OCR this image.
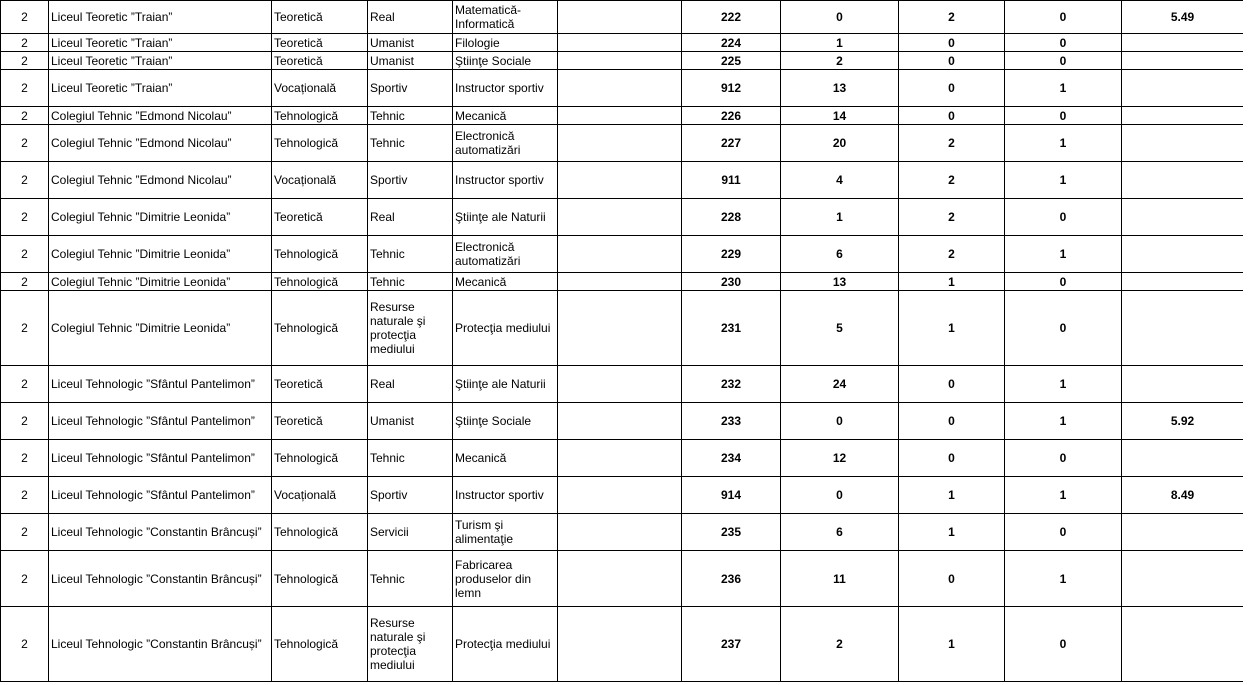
2	Liceul Teoretic ”Traian”	Teoretică	Real	Matematică-Informatică		222	0	2	0	5.49
2	Liceul Teoretic ”Traian”	Teoretică	Umanist	Filologie		224	1	0	0	
2	Liceul Teoretic ”Traian”	Teoretică	Umanist	Ştiinţe Sociale		225	2	0	0	
2	Liceul Teoretic ”Traian”	Vocațională	Sportiv	Instructor sportiv		912	13	0	1	
2	Colegiul Tehnic ”Edmond Nicolau”	Tehnologică	Tehnic	Mecanică		226	14	0	0	
2	Colegiul Tehnic ”Edmond Nicolau”	Tehnologică	Tehnic	Electronică automatizări		227	20	2	1	
2	Colegiul Tehnic ”Edmond Nicolau”	Vocațională	Sportiv	Instructor sportiv		911	4	2	1	
2	Colegiul Tehnic ”Dimitrie Leonida”	Teoretică	Real	Ştiinţe ale Naturii		228	1	2	0	
2	Colegiul Tehnic ”Dimitrie Leonida”	Tehnologică	Tehnic	Electronică automatizări		229	6	2	1	
2	Colegiul Tehnic ”Dimitrie Leonida”	Tehnologică	Tehnic	Mecanică		230	13	1	0	
2	Colegiul Tehnic ”Dimitrie Leonida”	Tehnologică	Resurse naturale şi protecţia mediului	Protecţia mediului		231	5	1	0	
2	Liceul Tehnologic ”Sfântul Pantelimon”	Teoretică	Real	Ştiinţe ale Naturii		232	24	0	1	
2	Liceul Tehnologic ”Sfântul Pantelimon”	Teoretică	Umanist	Ştiinţe Sociale		233	0	0	1	5.92
2	Liceul Tehnologic ”Sfântul Pantelimon”	Tehnologică	Tehnic	Mecanică		234	12	0	0	
2	Liceul Tehnologic ”Sfântul Pantelimon”	Vocațională	Sportiv	Instructor sportiv		914	0	1	1	8.49
2	Liceul Tehnologic ”Constantin Brâncuși”	Tehnologică	Servicii	Turism şi alimentaţie		235	6	1	0	
2	Liceul Tehnologic ”Constantin Brâncuși”	Tehnologică	Tehnic	Fabricarea produselor din lemn		236	11	0	1	
2	Liceul Tehnologic ”Constantin Brâncuși”	Tehnologică	Resurse naturale şi protecţia mediului	Protecţia mediului		237	2	1	0	
